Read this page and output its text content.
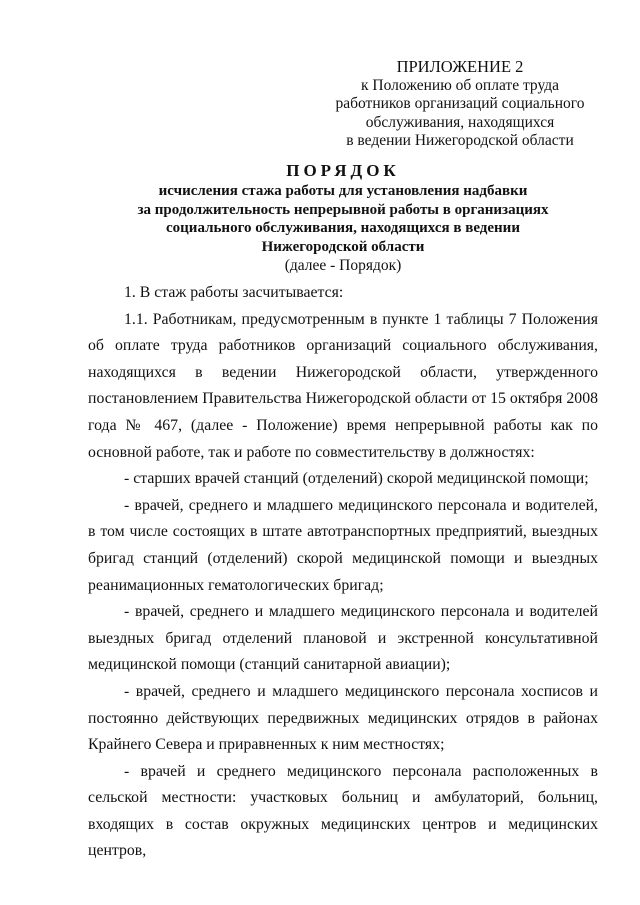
ПРИЛОЖЕНИЕ 2
к Положению об оплате труда
работников организаций социального
обслуживания, находящихся
в ведении Нижегородской области
ПОРЯДОК
исчисления стажа работы для установления надбавки
за продолжительность непрерывной работы в организациях
социального обслуживания, находящихся в ведении
Нижегородской области
(далее - Порядок)

1. В стаж работы засчитывается:

1.1. Работникам, предусмотренным в пункте 1 таблицы 7 Положения об оплате труда работников организаций социального обслуживания, находящихся в ведении Нижегородской области, утвержденного постановлением Правительства Нижегородской области от 15 октября 2008 года № 467, (далее - Положение) время непрерывной работы как по основной работе, так и работе по совместительству в должностях:

- старших врачей станций (отделений) скорой медицинской помощи;

- врачей, среднего и младшего медицинского персонала и водителей, в том числе состоящих в штате автотранспортных предприятий, выездных бригад станций (отделений) скорой медицинской помощи и выездных реанимационных гематологических бригад;

- врачей, среднего и младшего медицинского персонала и водителей выездных бригад отделений плановой и экстренной консультативной медицинской помощи (станций санитарной авиации);

- врачей, среднего и младшего медицинского персонала хосписов и постоянно действующих передвижных медицинских отрядов в районах Крайнего Севера и приравненных к ним местностях;

- врачей и среднего медицинского персонала расположенных в сельской местности: участковых больниц и амбулаторий, больниц, входящих в состав окружных медицинских центров и медицинских центров,
